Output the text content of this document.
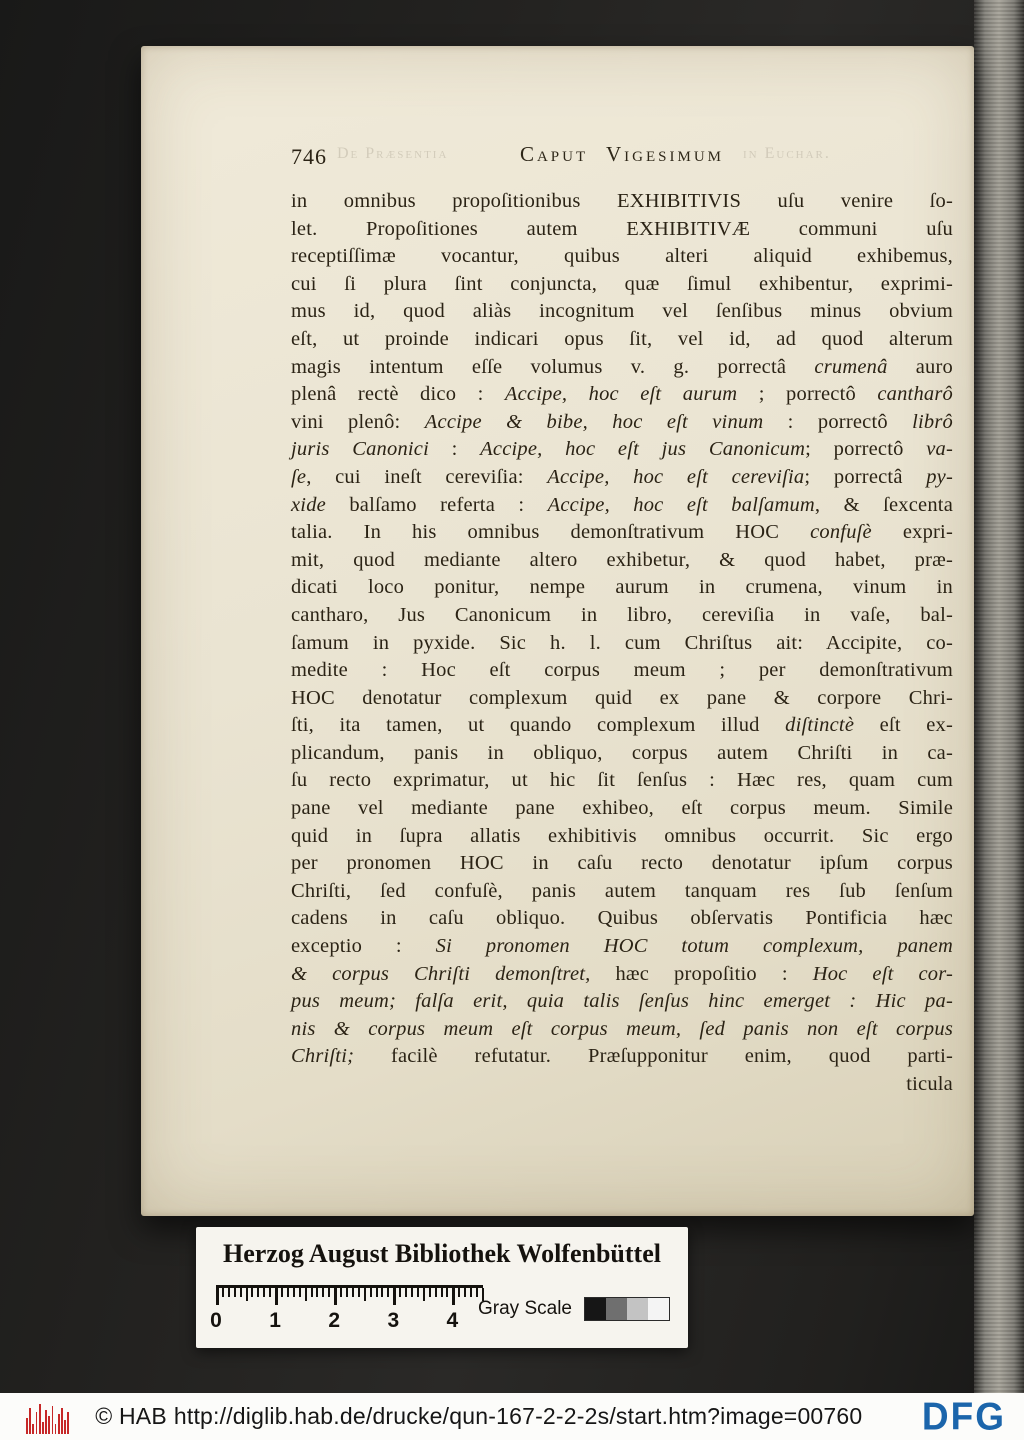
De Præsentia
746	Caput Vigesimum	in Euchar.
in omnibus propoſitionibus EXHIBITIVIS uſu venire ſo-
let. Propoſitiones autem EXHIBITIVÆ communi uſu
receptiſſimæ vocantur, quibus alteri aliquid exhibemus,
cui ſi plura ſint conjuncta, quæ ſimul exhibentur, exprimi-
mus id, quod aliàs incognitum vel ſenſibus minus obvium
eſt, ut proinde indicari opus ſit, vel id, ad quod alterum
magis intentum eſſe volumus v. g. porrectâ crumenâ auro
plenâ rectè dico : Accipe, hoc eſt aurum ; porrectô cantharô
vini plenô: Accipe & bibe, hoc eſt vinum : porrectô librô
juris Canonici : Accipe, hoc eſt jus Canonicum; porrectô va-
ſe, cui ineſt cereviſia: Accipe, hoc eſt cereviſia; porrectâ py-
xide balſamo referta : Accipe, hoc eſt balſamum, & ſexcenta
talia. In his omnibus demonſtrativum HOC confuſè expri-
mit, quod mediante altero exhibetur, & quod habet, præ-
dicati loco ponitur, nempe aurum in crumena, vinum in
cantharo, Jus Canonicum in libro, cereviſia in vaſe, bal-
ſamum in pyxide. Sic h. l. cum Chriſtus ait: Accipite, co-
medite : Hoc eſt corpus meum ; per demonſtrativum
HOC denotatur complexum quid ex pane & corpore Chri-
ſti, ita tamen, ut quando complexum illud diſtinctè eſt ex-
plicandum, panis in obliquo, corpus autem Chriſti in ca-
ſu recto exprimatur, ut hic ſit ſenſus : Hæc res, quam cum
pane vel mediante pane exhibeo, eſt corpus meum. Simile
quid in ſupra allatis exhibitivis omnibus occurrit. Sic ergo
per pronomen HOC in caſu recto denotatur ipſum corpus
Chriſti, ſed confuſè, panis autem tanquam res ſub ſenſum
cadens in caſu obliquo. Quibus obſervatis Pontificia hæc
exceptio : Si pronomen HOC totum complexum, panem
& corpus Chriſti demonſtret, hæc propoſitio : Hoc eſt cor-
pus meum; falſa erit, quia talis ſenſus hinc emerget : Hic pa-
nis & corpus meum eſt corpus meum, ſed panis non eſt corpus
Chriſti; facilè refutatur. Præſupponitur enim, quod parti-
ticula
Herzog August Bibliothek Wolfenbüttel
0 1 2 3 4
Gray Scale
© HAB http://diglib.hab.de/drucke/qun-167-2-2-2s/start.htm?image=00760 DFG
